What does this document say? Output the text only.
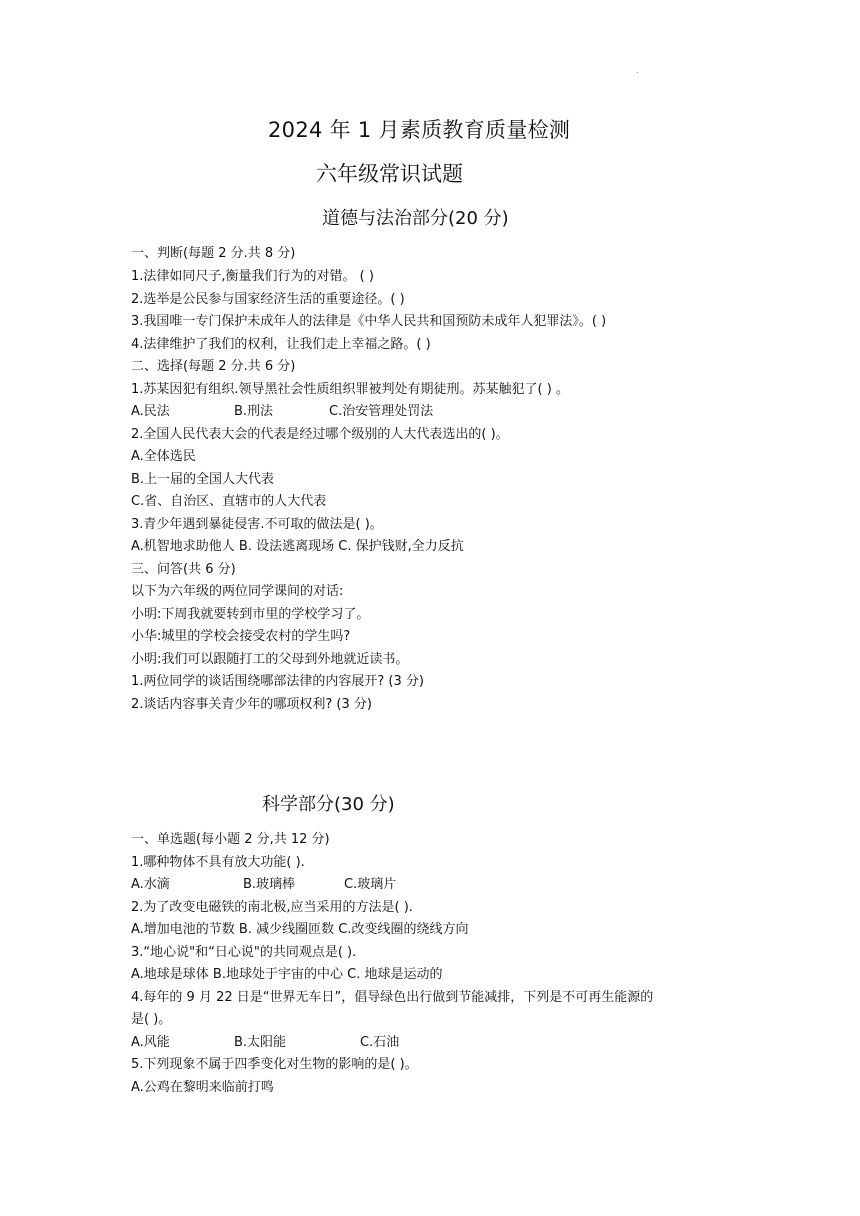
.
2024 年 1 月素质教育质量检测
六年级常识试题
道德与法治部分(20 分)
一、判断(每题 2 分.共 8 分)
1.法律如同尺子,衡量我们行为的对错。 ( )
2.选举是公民参与国家经济生活的重要途径。( )
3.我国唯一专门保护未成年人的法律是《中华人民共和国预防未成年人犯罪法》。( )
4.法律维护了我们的权利，让我们走上幸福之路。( )
二、选择(每题 2 分.共 6 分)
1.苏某因犯有组织.领导黑社会性质组织罪被判处有期徒刑。苏某触犯了( ) 。
A.民法	B.刑法	C.治安管理处罚法
2.全国人民代表大会的代表是经过哪个级别的人大代表选出的( )。
A.全体选民
B.上一届的全国人大代表
C.省、自治区、直辖市的人大代表
3.青少年遇到暴徒侵害.不可取的做法是( )。
A.机智地求助他人 B. 设法逃离现场 C. 保护钱财,全力反抗
三、问答(共 6 分)
以下为六年级的两位同学课间的对话:
小明:下周我就要转到市里的学校学习了。
小华:城里的学校会接受农村的学生吗?
小明:我们可以跟随打工的父母到外地就近读书。
1.两位同学的谈话围绕哪部法律的内容展开? (3 分)
2.谈话内容事关青少年的哪项权利? (3 分)
科学部分(30 分)
一、单选题(每小题 2 分,共 12 分)
1.哪种物体不具有放大功能( ).
A.水滴	B.玻璃棒	C.玻璃片
2.为了改变电磁铁的南北极,应当采用的方法是( ).
A.增加电池的节数 B. 减少线圈匝数 C.改变线圈的绕线方向
3.“地心说"和“日心说"的共同观点是( ).
A.地球是球体 B.地球处于宇宙的中心 C. 地球是运动的
4.每年的 9 月 22 日是“世界无车日”，倡导绿色出行做到节能减排，下列是不可再生能源的
是( )。
A.风能	B.太阳能	C.石油
5.下列现象不属于四季变化对生物的影响的是( )。
A.公鸡在黎明来临前打鸣
